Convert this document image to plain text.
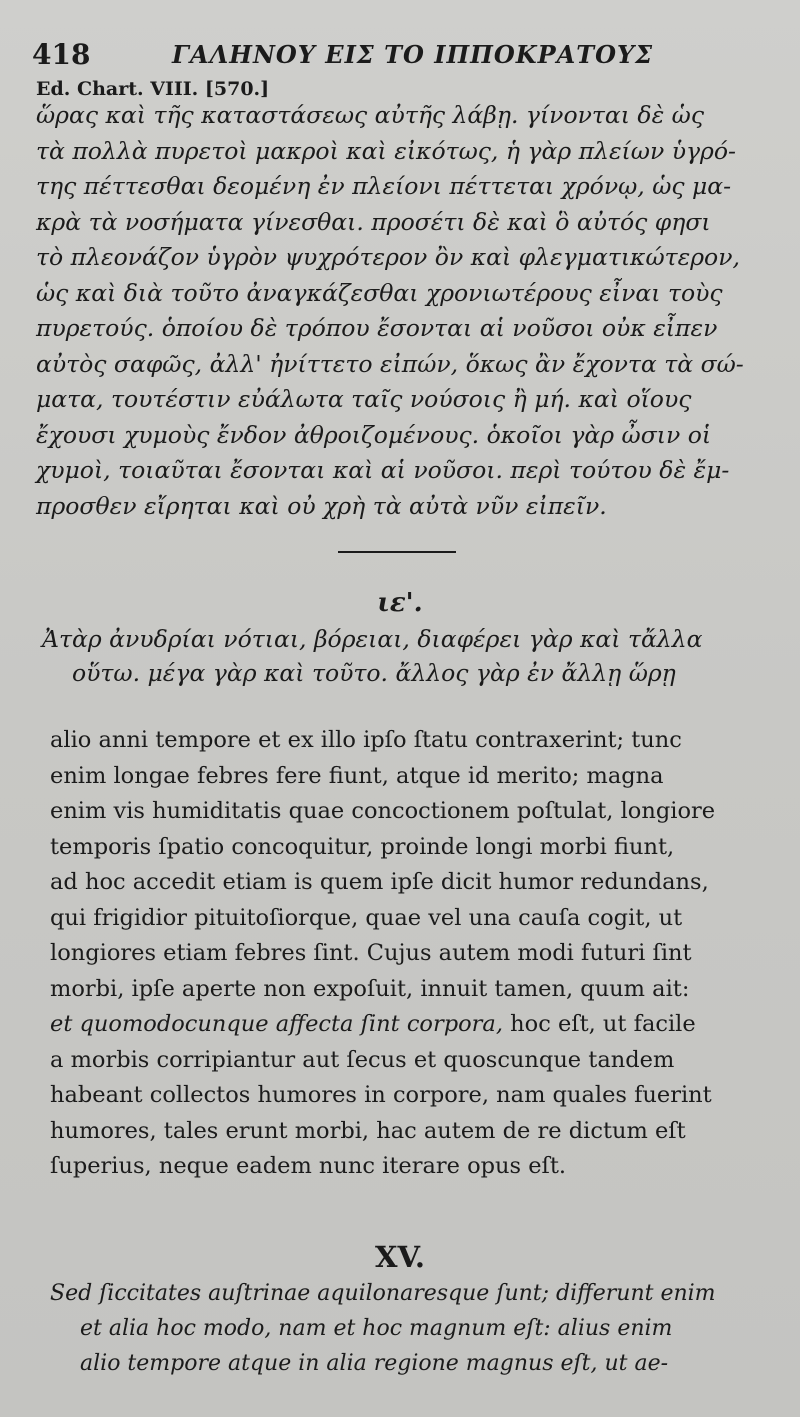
418	ΓΑΛΗΝΟΥ ΕΙΣ ΤΟ ΙΠΠΟΚΡΑΤΟΥΣ
Ed. Chart. VIII. [570.]

ὥρας καὶ τῆς καταστάσεως αὐτῆς λάβῃ. γίνονται δὲ ὡς

τὰ πολλὰ πυρετοὶ μακροὶ καὶ εἰκότως, ἡ γὰρ πλείων ὑγρό-

της πέττεσθαι δεομένη ἐν πλείονι πέττεται χρόνῳ, ὡς μα-

κρὰ τὰ νοσήματα γίνεσθαι. προσέτι δὲ καὶ ὃ αὐτός φησι

τὸ πλεονάζον ὑγρὸν ψυχρότερον ὂν καὶ φλεγματικώτερον,

ὡς καὶ διὰ τοῦτο ἀναγκάζεσθαι χρονιωτέρους εἶναι τοὺς

πυρετούς. ὁποίου δὲ τρόπου ἔσονται αἱ νοῦσοι οὐκ εἶπεν

αὐτὸς σαφῶς, ἀλλ' ἠνίττετο εἰπών, ὅκως ἂν ἔχοντα τὰ σώ-

ματα, τουτέστιν εὐάλωτα ταῖς νούσοις ἢ μή. καὶ οἵους

ἔχουσι χυμοὺς ἔνδον ἀθροιζομένους. ὁκοῖοι γὰρ ὦσιν οἱ

χυμοὶ, τοιαῦται ἔσονται καὶ αἱ νοῦσοι. περὶ τούτου δὲ ἔμ-

προσθεν εἴρηται καὶ οὐ χρὴ τὰ αὐτὰ νῦν εἰπεῖν.

ιε'.

Ἀτὰρ ἀνυδρίαι νότιαι, βόρειαι, διαφέρει γὰρ καὶ τἄλλα

οὕτω. μέγα γὰρ καὶ τοῦτο. ἄλλος γὰρ ἐν ἄλλῃ ὥρῃ

alio anni tempore et ex illo ipſo ſtatu contraxerint; tunc

enim longae febres fere fiunt, atque id merito; magna

enim vis humiditatis quae concoctionem poſtulat, longiore

temporis ſpatio concoquitur, proinde longi morbi fiunt,

ad hoc accedit etiam is quem ipſe dicit humor redundans,

qui frigidior pituitoſiorque, quae vel una cauſa cogit, ut

longiores etiam febres ſint. Cujus autem modi futuri ſint

morbi, ipſe aperte non expoſuit, innuit tamen, quum ait:

et quomodocunque affecta ſint corpora, hoc eſt, ut facile

a morbis corripiantur aut ſecus et quoscunque tandem

habeant collectos humores in corpore, nam quales fuerint

humores, tales erunt morbi, hac autem de re dictum eſt

ſuperius, neque eadem nunc iterare opus eſt.

XV.

Sed ſiccitates auſtrinae aquilonaresque ſunt; differunt enim

et alia hoc modo, nam et hoc magnum eſt: alius enim

alio tempore atque in alia regione magnus eſt, ut ae-
